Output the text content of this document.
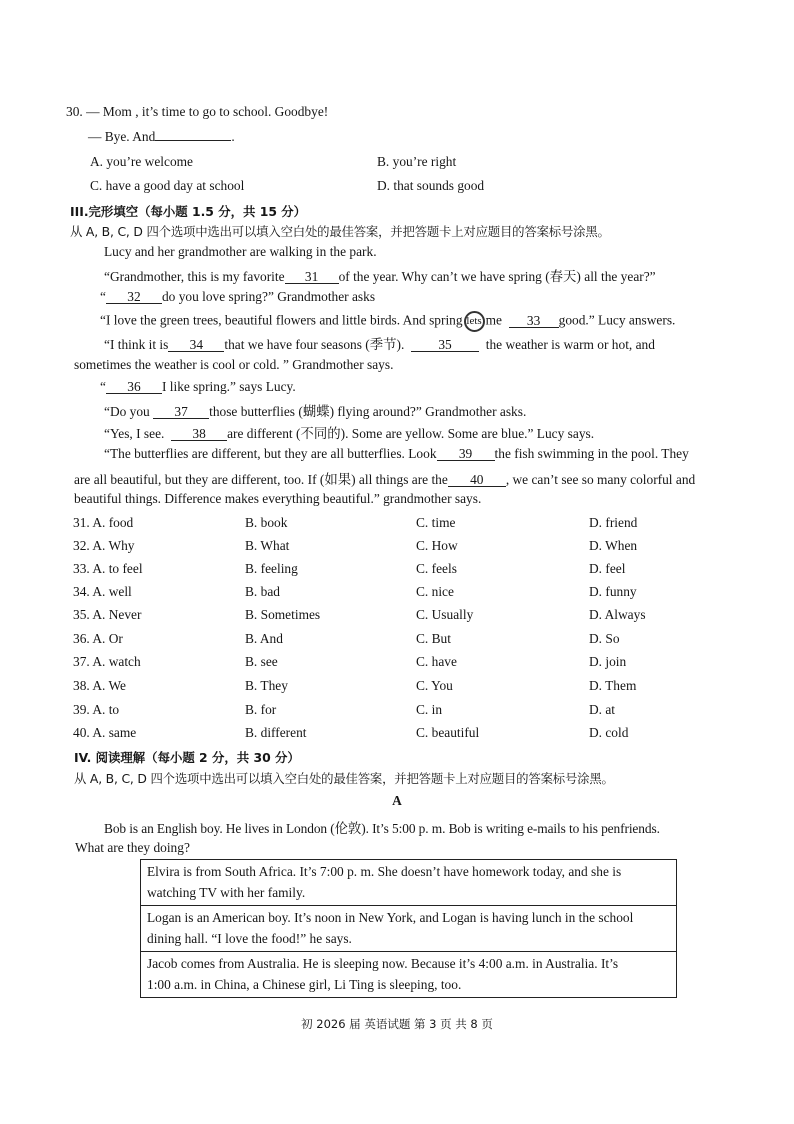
30. — Mom , it’s time to go to school. Goodbye!
— Bye. And	.
A. you’re welcome	B. you’re right
C. have a good day at school	D. that sounds good
III.完形填空（每小题 1.5 分，共 15 分）
从 A, B, C, D 四个选项中选出可以填入空白处的最佳答案，并把答题卡上对应题目的答案标号涂黑。
Lucy and her grandmother are walking in the park.
“Grandmother, this is my favorite 31 of the year. Why can’t we have spring (春天) all the year?”
“ 32 do you love spring?” Grandmother asks
“I love the green trees, beautiful flowers and little birds. And spring lets me 33 good.” Lucy answers.
“I think it is 34 that we have four seasons (季节).	35	the weather is warm or hot, and
sometimes the weather is cool or cold. ” Grandmother says.
“ 36 I like spring.” says Lucy.
“Do you 37 those butterflies (蝴蝶) flying around?” Grandmother asks.
“Yes, I see. 38 are different (不同的). Some are yellow. Some are blue.” Lucy says.
“The butterflies are different, but they are all butterflies. Look 39 the fish swimming in the pool. They
are all beautiful, but they are different, too. If (如果) all things are the 40 , we can’t see so many colorful and
beautiful things. Difference makes everything beautiful.” grandmother says.
31. A. food	B. book	C. time	D. friend
32. A. Why	B. What	C. How	D. When
33. A. to feel	B. feeling	C. feels	D. feel
34. A. well	B. bad	C. nice	D. funny
35. A. Never	B. Sometimes	C. Usually	D. Always
36. A. Or	B. And	C. But	D. So
37. A. watch	B. see	C. have	D. join
38. A. We	B. They	C. You	D. Them
39. A. to	B. for	C. in	D. at
40. A. same	B. different	C. beautiful	D. cold
IV. 阅读理解（每小题 2 分，共 30 分）
从 A, B, C, D 四个选项中选出可以填入空白处的最佳答案，并把答题卡上对应题目的答案标号涂黑。
A
Bob is an English boy. He lives in London (伦敦). It’s 5:00 p. m. Bob is writing e-mails to his penfriends.
What are they doing?
Elvira is from South Africa. It’s 7:00 p. m. She doesn’t have homework today, and she is
watching TV with her family.

Logan is an American boy. It’s noon in New York, and Logan is having lunch in the school
dining hall. “I love the food!” he says.

Jacob comes from Australia. He is sleeping now. Because it’s 4:00 a.m. in Australia. It’s
1:00 a.m. in China, a Chinese girl, Li Ting is sleeping, too.
初 2026 届 英语试题 第 3 页 共 8 页
